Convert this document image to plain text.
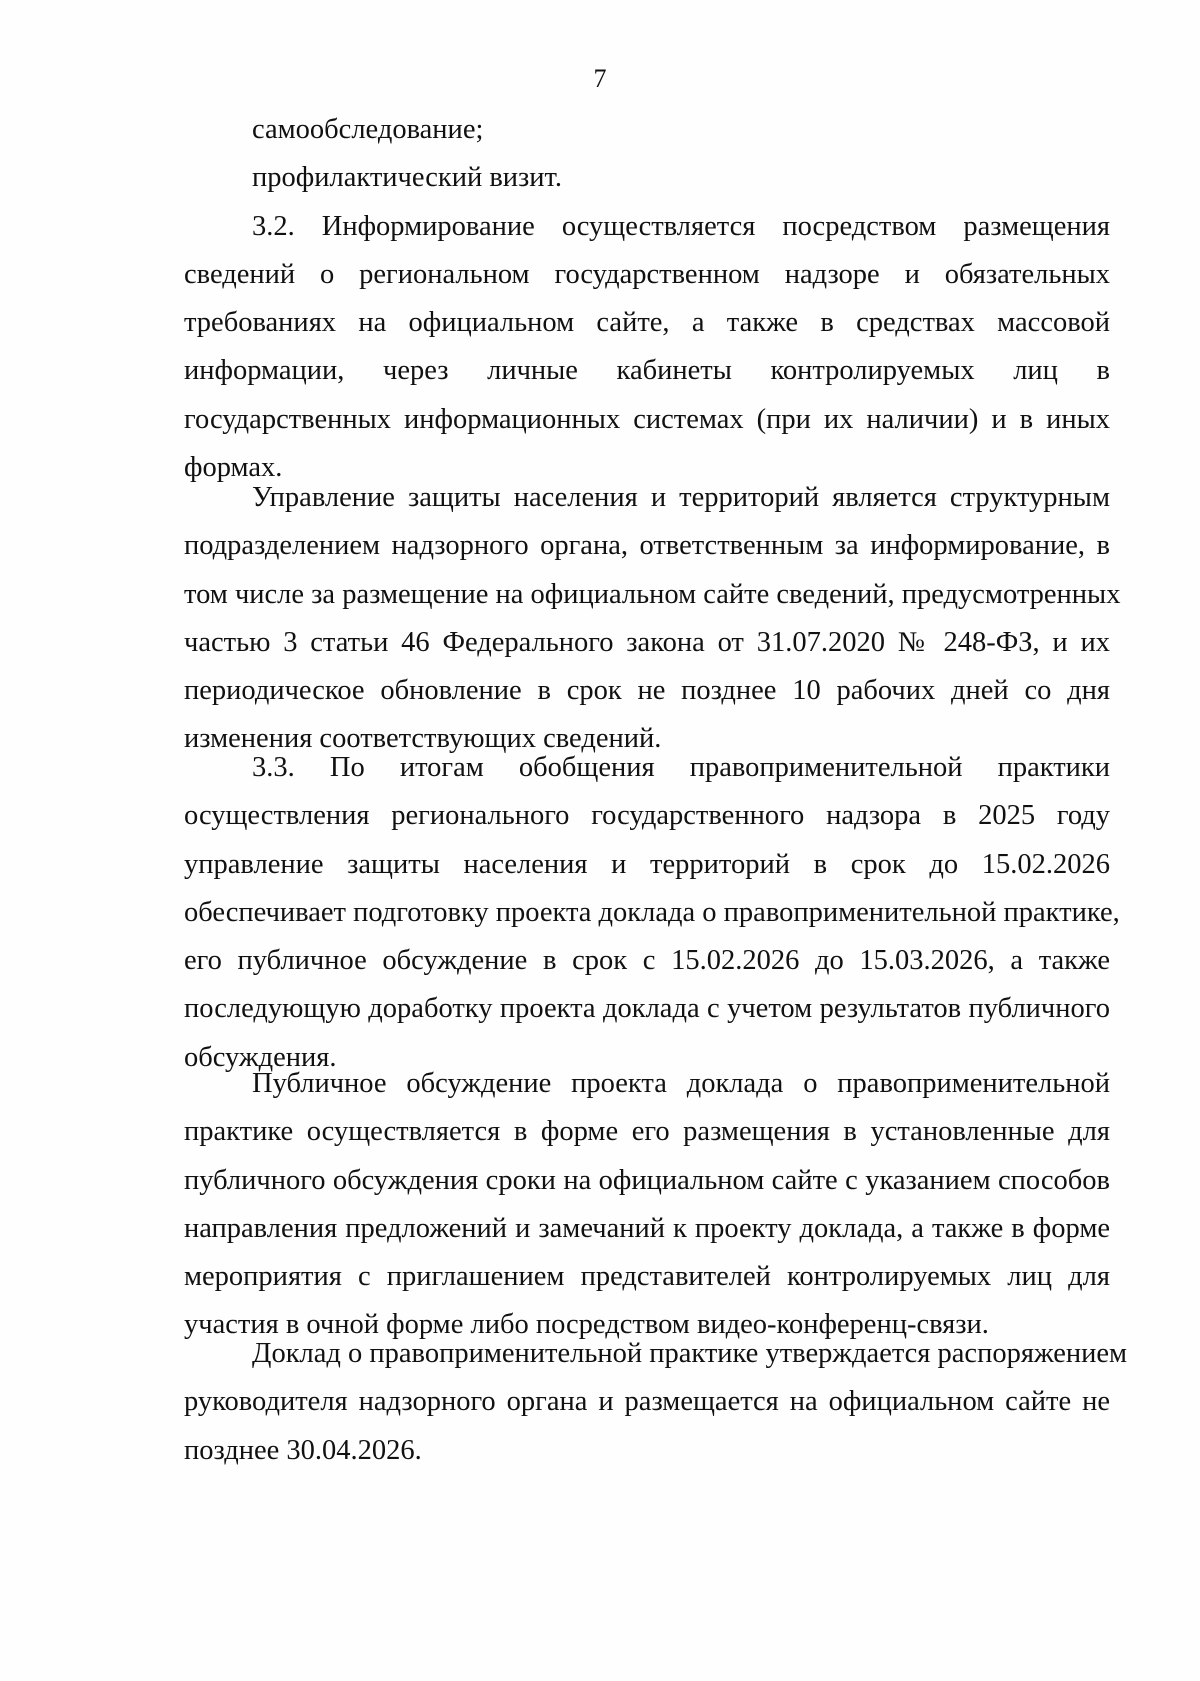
7
самообследование;
профилактический визит.
3.2. Информирование осуществляется посредством размещения
сведений о региональном государственном надзоре и обязательных
требованиях на официальном сайте, а также в средствах массовой
информации, через личные кабинеты контролируемых лиц в
государственных информационных системах (при их наличии) и в иных
формах.
Управление защиты населения и территорий является структурным
подразделением надзорного органа, ответственным за информирование, в
том числе за размещение на официальном сайте сведений, предусмотренных
частью 3 статьи 46 Федерального закона от 31.07.2020 № 248-ФЗ, и их
периодическое обновление в срок не позднее 10 рабочих дней со дня
изменения соответствующих сведений.
3.3. По итогам обобщения правоприменительной практики
осуществления регионального государственного надзора в 2025 году
управление защиты населения и территорий в срок до 15.02.2026
обеспечивает подготовку проекта доклада о правоприменительной практике,
его публичное обсуждение в срок с 15.02.2026 до 15.03.2026, а также
последующую доработку проекта доклада с учетом результатов публичного
обсуждения.
Публичное обсуждение проекта доклада о правоприменительной
практике осуществляется в форме его размещения в установленные для
публичного обсуждения сроки на официальном сайте с указанием способов
направления предложений и замечаний к проекту доклада, а также в форме
мероприятия с приглашением представителей контролируемых лиц для
участия в очной форме либо посредством видео-конференц-связи.
Доклад о правоприменительной практике утверждается распоряжением
руководителя надзорного органа и размещается на официальном сайте не
позднее 30.04.2026.
